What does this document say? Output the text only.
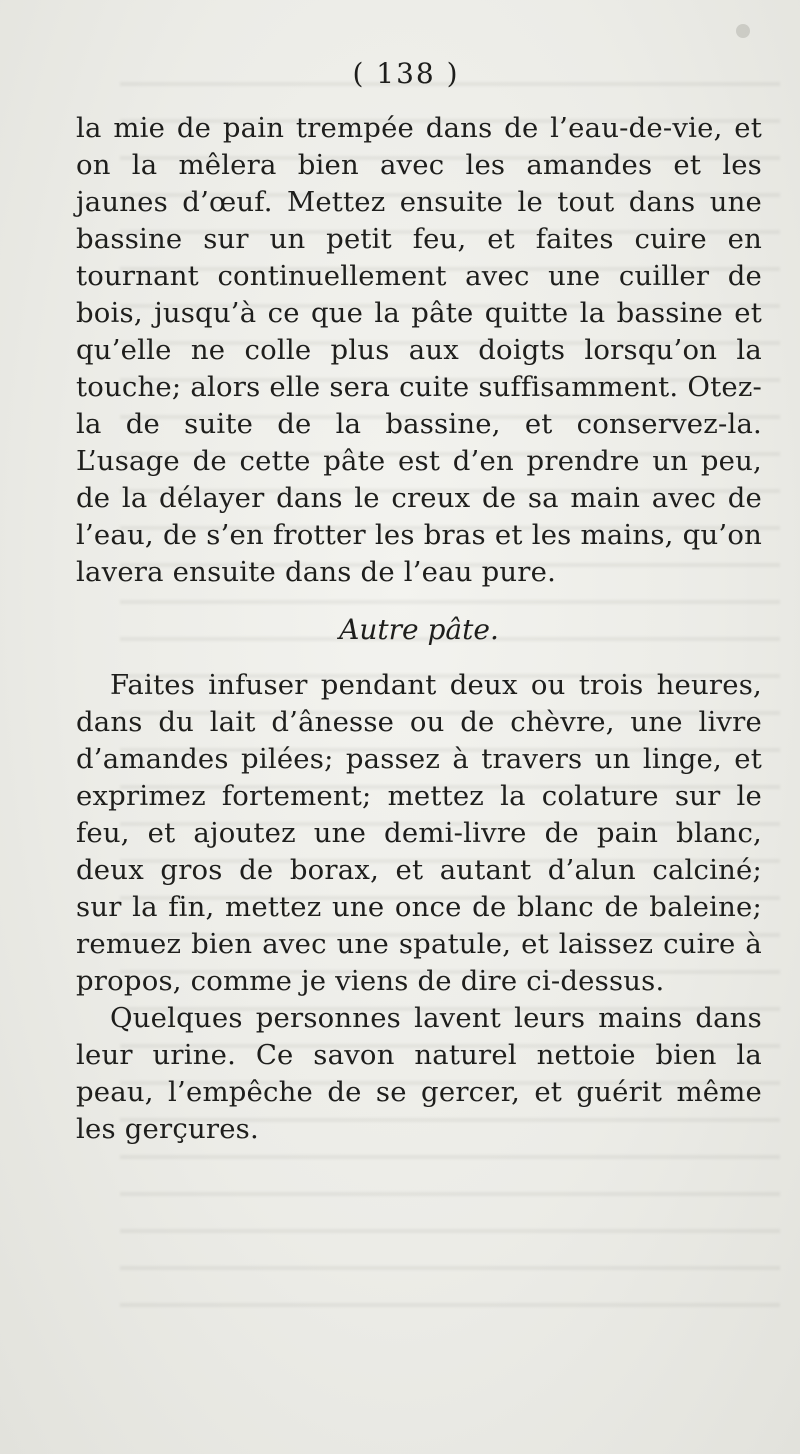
( 138 )

la mie de pain trempée dans de l’eau-de-vie, et on la mêlera bien avec les amandes et les jaunes d’œuf. Mettez ensuite le tout dans une bassine sur un petit feu, et faites cuire en tournant continuellement avec une cuiller de bois, jusqu’à ce que la pâte quitte la bassine et qu’elle ne colle plus aux doigts lorsqu’on la touche; alors elle sera cuite suffisamment. Otez-la de suite de la bassine, et conservez-la. L’usage de cette pâte est d’en prendre un peu, de la délayer dans le creux de sa main avec de l’eau, de s’en frotter les bras et les mains, qu’on lavera ensuite dans de l’eau pure.

Autre pâte.

Faites infuser pendant deux ou trois heures, dans du lait d’ânesse ou de chèvre, une livre d’amandes pilées; passez à travers un linge, et exprimez fortement; mettez la colature sur le feu, et ajoutez une demi-livre de pain blanc, deux gros de borax, et autant d’alun calciné; sur la fin, mettez une once de blanc de baleine; remuez bien avec une spatule, et laissez cuire à propos, comme je viens de dire ci-dessus.

Quelques personnes lavent leurs mains dans leur urine. Ce savon naturel nettoie bien la peau, l’empêche de se gercer, et guérit même les gerçures.
